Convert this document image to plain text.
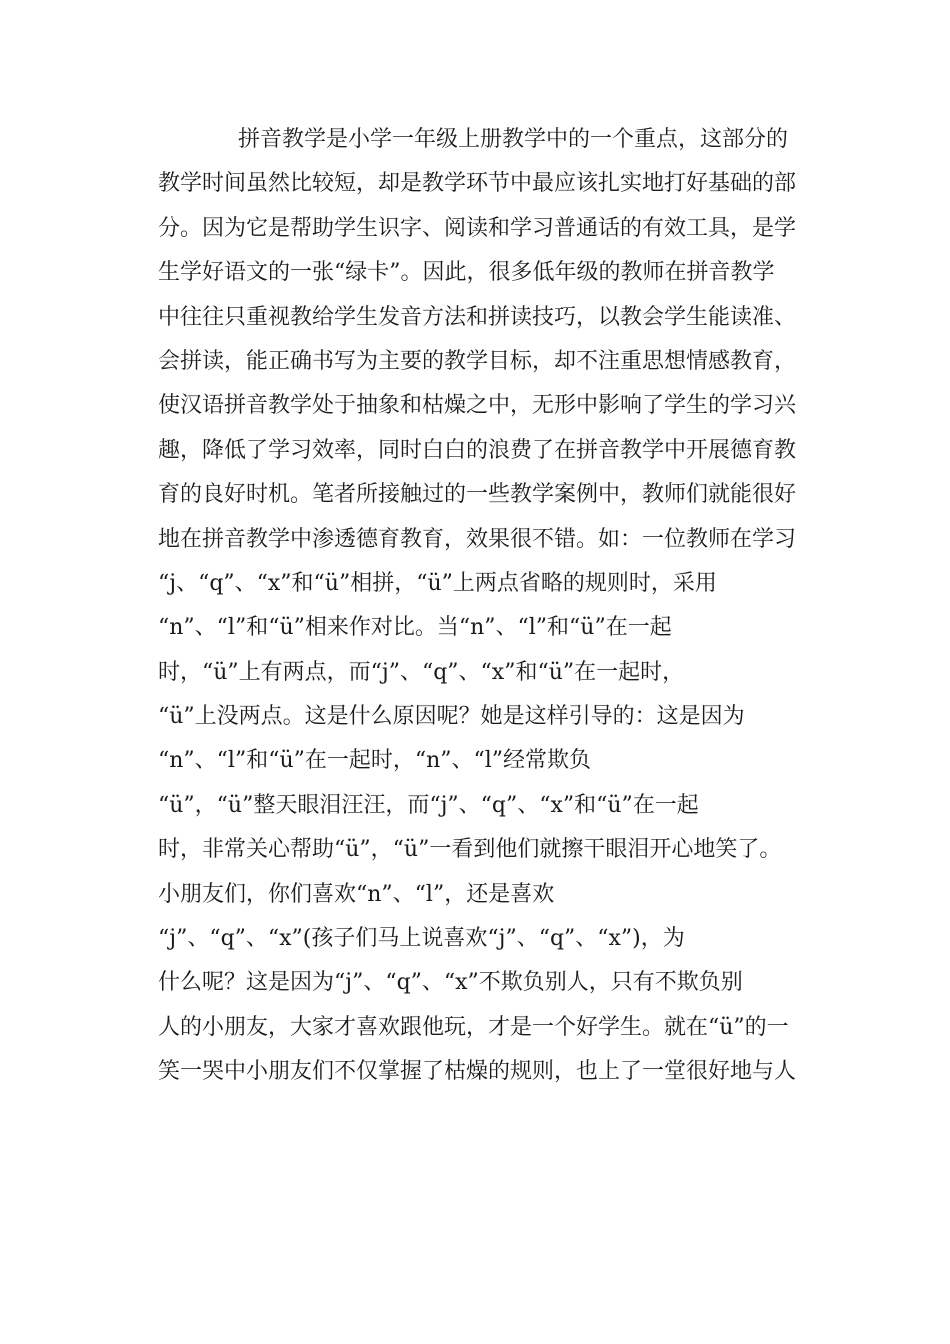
拼音教学是小学一年级上册教学中的一个重点，这部分的
教学时间虽然比较短，却是教学环节中最应该扎实地打好基础的部
分。因为它是帮助学生识字、阅读和学习普通话的有效工具，是学
生学好语文的一张“绿卡”。因此，很多低年级的教师在拼音教学
中往往只重视教给学生发音方法和拼读技巧，以教会学生能读准、
会拼读，能正确书写为主要的教学目标，却不注重思想情感教育，
使汉语拼音教学处于抽象和枯燥之中，无形中影响了学生的学习兴
趣，降低了学习效率，同时白白的浪费了在拼音教学中开展德育教
育的良好时机。笔者所接触过的一些教学案例中，教师们就能很好
地在拼音教学中渗透德育教育，效果很不错。如：一位教师在学习
“j、“q”、“x”和“ü”相拼，“ü”上两点省略的规则时，采用
“n”、“l”和“ü”相来作对比。当“n”、“l”和“ü”在一起
时，“ü”上有两点，而“j”、“q”、“x”和“ü”在一起时，
“ü”上没两点。这是什么原因呢？她是这样引导的：这是因为
“n”、“l”和“ü”在一起时，“n”、“l”经常欺负
“ü”，“ü”整天眼泪汪汪，而“j”、“q”、“x”和“ü”在一起
时，非常关心帮助“ü”，“ü”一看到他们就擦干眼泪开心地笑了。
小朋友们，你们喜欢“n”、“l”，还是喜欢
“j”、“q”、“x”(孩子们马上说喜欢“j”、“q”、“x”)，为
什么呢？这是因为“j”、“q”、“x”不欺负别人，只有不欺负别
人的小朋友，大家才喜欢跟他玩，才是一个好学生。就在“ü”的一
笑一哭中小朋友们不仅掌握了枯燥的规则，也上了一堂很好地与人
